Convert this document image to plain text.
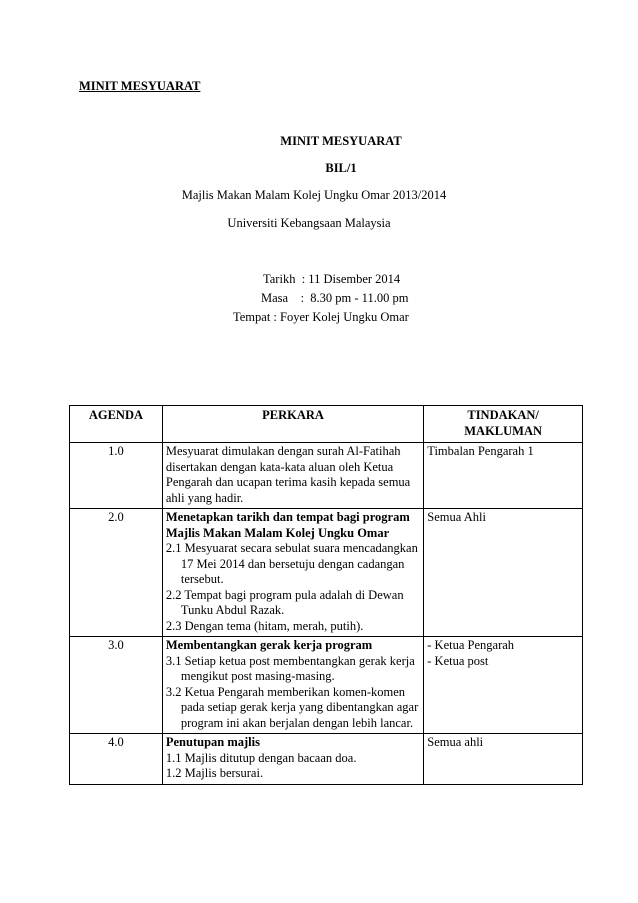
MINIT MESYUARAT
MINIT MESYUARAT
BIL/1
Majlis Makan Malam Kolej Ungku Omar 2013/2014
Universiti Kebangsaan Malaysia
Tarikh  : 11 Disember 2014
Masa    :  8.30 pm - 11.00 pm
Tempat : Foyer Kolej Ungku Omar
AGENDA	PERKARA	TINDAKAN/ MAKLUMAN
1.0	Mesyuarat dimulakan dengan surah Al-Fatihah disertakan dengan kata-kata aluan oleh Ketua Pengarah dan ucapan terima kasih kepada semua ahli yang hadir.	Timbalan Pengarah 1
2.0	Menetapkan tarikh dan tempat bagi program Majlis Makan Malam Kolej Ungku Omar
2.1 Mesyuarat secara sebulat suara mencadangkan 17 Mei 2014 dan bersetuju dengan cadangan tersebut.
2.2 Tempat bagi program pula adalah di Dewan Tunku Abdul Razak.
2.3 Dengan tema (hitam, merah, putih).	Semua Ahli
3.0	Membentangkan gerak kerja program
3.1 Setiap ketua post membentangkan gerak kerja mengikut post masing-masing.
3.2 Ketua Pengarah memberikan komen-komen pada setiap gerak kerja yang dibentangkan agar program ini akan berjalan dengan lebih lancar.	- Ketua Pengarah
- Ketua post

4.0	Penutupan majlis
1.1 Majlis ditutup dengan bacaan doa.
1.2 Majlis bersurai.	Semua ahli
